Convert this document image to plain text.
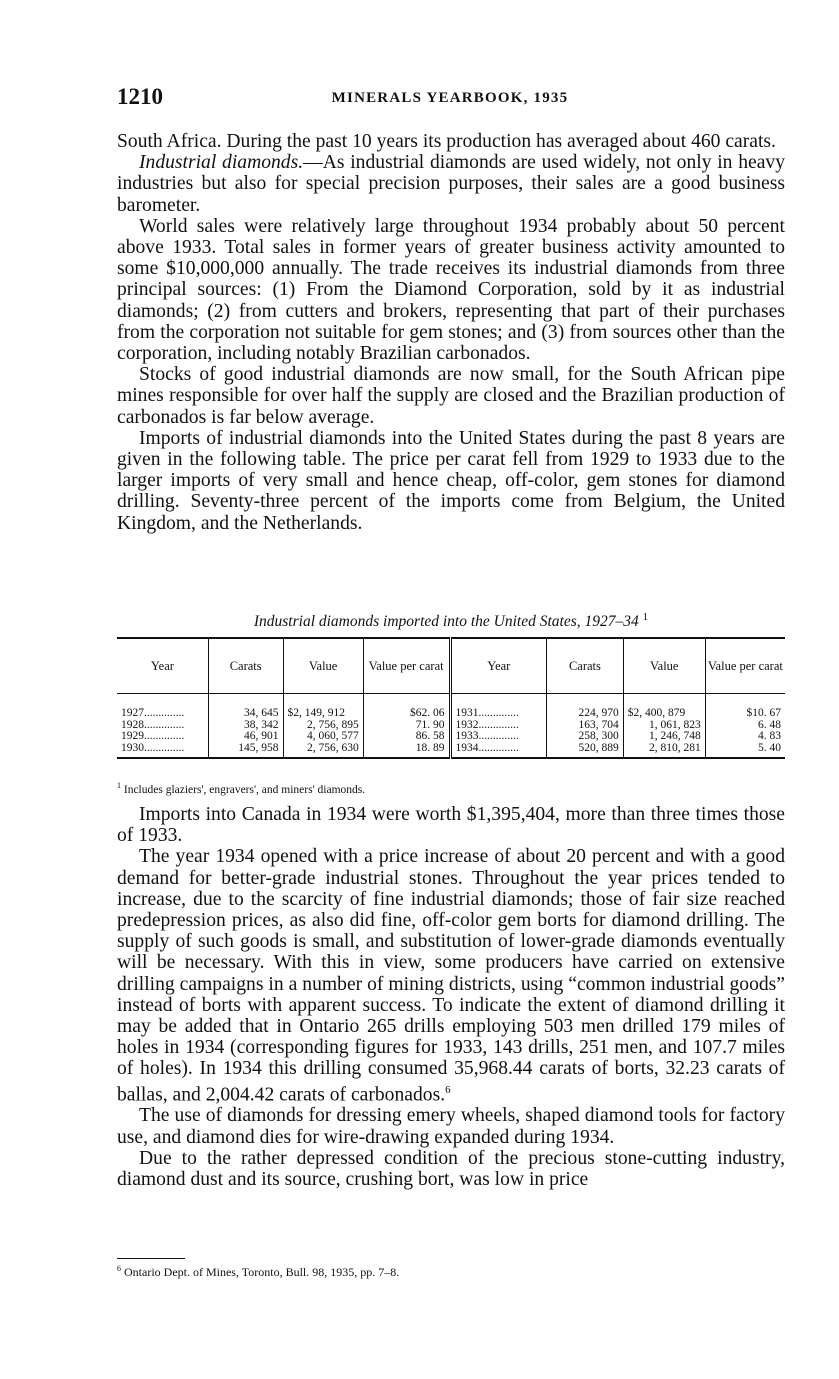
1210	MINERALS YEARBOOK, 1935

South Africa. During the past 10 years its production has averaged about 460 carats.

Industrial diamonds.—As industrial diamonds are used widely, not only in heavy industries but also for special precision purposes, their sales are a good business barometer.

World sales were relatively large throughout 1934 probably about 50 percent above 1933. Total sales in former years of greater business activity amounted to some $10,000,000 annually. The trade receives its industrial diamonds from three principal sources: (1) From the Diamond Corporation, sold by it as industrial diamonds; (2) from cutters and brokers, representing that part of their purchases from the corporation not suitable for gem stones; and (3) from sources other than the corporation, including notably Brazilian carbonados.

Stocks of good industrial diamonds are now small, for the South African pipe mines responsible for over half the supply are closed and the Brazilian production of carbonados is far below average.

Imports of industrial diamonds into the United States during the past 8 years are given in the following table. The price per carat fell from 1929 to 1933 due to the larger imports of very small and hence cheap, off-color, gem stones for diamond drilling. Seventy-three percent of the imports come from Belgium, the United Kingdom, and the Netherlands.

Industrial diamonds imported into the United States, 1927–34 $^1$
Year	Carats	Value	Value per carat	Year	Carats	Value	Value per carat
1927..............	34, 645	$2, 149, 912	$62. 06	1931..............	224, 970	$2, 400, 879	$10. 67
1928..............	38, 342	2, 756, 895	71. 90	1932..............	163, 704	1, 061, 823	6. 48
1929..............	46, 901	4, 060, 577	86. 58	1933..............	258, 300	1, 246, 748	4. 83
1930..............	145, 958	2, 756, 630	18. 89	1934..............	520, 889	2, 810, 281	5. 40
$^1$ Includes glaziers', engravers', and miners' diamonds.

Imports into Canada in 1934 were worth $1,395,404, more than three times those of 1933.

The year 1934 opened with a price increase of about 20 percent and with a good demand for better-grade industrial stones. Throughout the year prices tended to increase, due to the scarcity of fine industrial diamonds; those of fair size reached predepression prices, as also did fine, off-color gem borts for diamond drilling. The supply of such goods is small, and substitution of lower-grade diamonds eventually will be necessary. With this in view, some producers have carried on extensive drilling campaigns in a number of mining districts, using “common industrial goods” instead of borts with apparent success. To indicate the extent of diamond drilling it may be added that in Ontario 265 drills employing 503 men drilled 179 miles of holes in 1934 (corresponding figures for 1933, 143 drills, 251 men, and 107.7 miles of holes). In 1934 this drilling consumed 35,968.44 carats of borts, 32.23 carats of ballas, and 2,004.42 carats of carbonados.$^6$

The use of diamonds for dressing emery wheels, shaped diamond tools for factory use, and diamond dies for wire-drawing expanded during 1934.

Due to the rather depressed condition of the precious stone-cutting industry, diamond dust and its source, crushing bort, was low in price

$^6$ Ontario Dept. of Mines, Toronto, Bull. 98, 1935, pp. 7–8.
